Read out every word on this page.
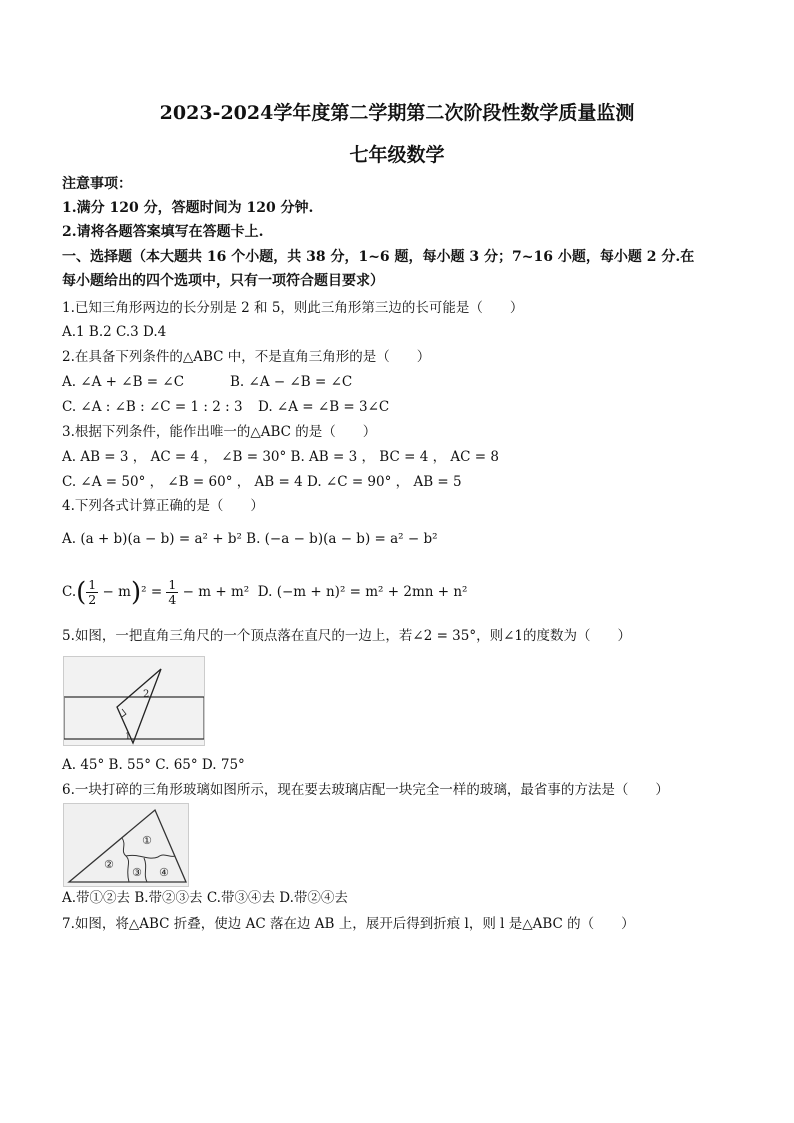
2023-2024学年度第二学期第二次阶段性数学质量监测
七年级数学
注意事项：
1.满分 120 分，答题时间为 120 分钟.
2.请将各题答案填写在答题卡上.
一、选择题（本大题共 16 个小题，共 38 分，1~6 题，每小题 3 分；7~16 小题，每小题 2 分.在
每小题给出的四个选项中，只有一项符合题目要求）
1.已知三角形两边的长分别是 2 和 5，则此三角形第三边的长可能是（　　）
A.1 B.2 C.3 D.4
2.在具备下列条件的△ABC 中，不是直角三角形的是（　　）
A. ∠A + ∠B = ∠C	B. ∠A − ∠B = ∠C
C. ∠A : ∠B : ∠C = 1 : 2 : 3 D. ∠A = ∠B = 3∠C
3.根据下列条件，能作出唯一的△ABC 的是（　　）
A. AB = 3 ， AC = 4 ， ∠B = 30° B. AB = 3 ， BC = 4 ， AC = 8
C. ∠A = 50° ， ∠B = 60° ， AB = 4 D. ∠C = 90° ， AB = 5
4.下列各式计算正确的是（　　）
A. (a + b)(a − b) = a² + b² B. (−a − b)(a − b) = a² − b²
$C.( \frac{1}{2} - m)^2 = \frac{1}{4} - m + m^2$ D. (−m + n)² = m² + 2mn + n²
5.如图，一把直角三角尺的一个顶点落在直尺的一边上，若∠2 = 35°，则∠1的度数为（　　）
2
1
A. 45° B. 55° C. 65° D. 75°
6.一块打碎的三角形玻璃如图所示，现在要去玻璃店配一块完全一样的玻璃，最省事的方法是（　　）
①
②
③ ④
A.带①②去 B.带②③去 C.带③④去 D.带②④去
7.如图，将△ABC 折叠，使边 AC 落在边 AB 上，展开后得到折痕 l，则 l 是△ABC 的（　　）
